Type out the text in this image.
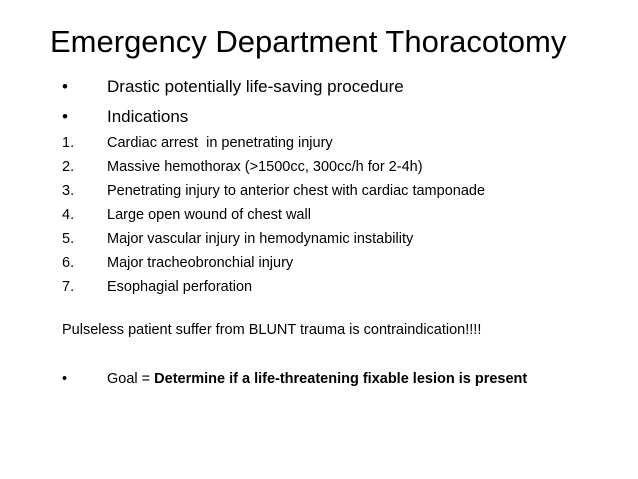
Emergency Department Thoracotomy
• Drastic potentially life-saving procedure
• Indications
1. Cardiac arrest  in penetrating injury
2. Massive hemothorax (>1500cc, 300cc/h for 2-4h)
3. Penetrating injury to anterior chest with cardiac tamponade
4. Large open wound of chest wall
5. Major vascular injury in hemodynamic instability
6. Major tracheobronchial injury
7. Esophagial perforation
Pulseless patient suffer from BLUNT trauma is contraindication!!!!
•	Goal = Determine if a life-threatening fixable lesion is present
